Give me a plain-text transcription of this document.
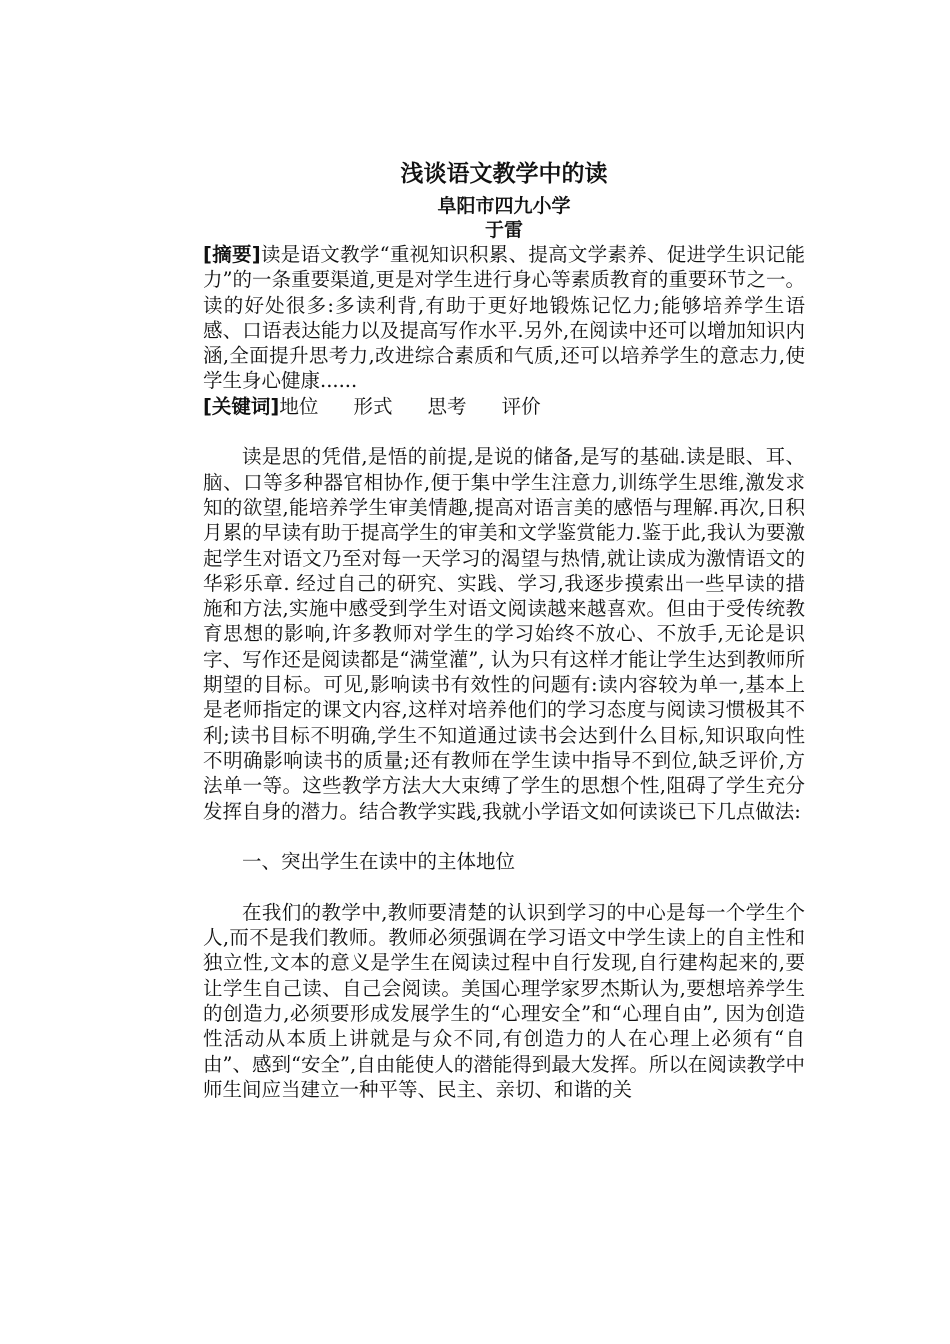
浅谈语文教学中的读

阜阳市四九小学

于雷

[摘要]读是语文教学“重视知识积累、提高文学素养、促进学生识记能力”的一条重要渠道,更是对学生进行身心等素质教育的重要环节之一。读的好处很多:多读利背,有助于更好地锻炼记忆力;能够培养学生语感、口语表达能力以及提高写作水平.另外,在阅读中还可以增加知识内涵,全面提升思考力,改进综合素质和气质,还可以培养学生的意志力,使学生身心健康......

[关键词]地位 形式 思考 评价

读是思的凭借,是悟的前提,是说的储备,是写的基础.读是眼、耳、脑、口等多种器官相协作,便于集中学生注意力,训练学生思维,激发求知的欲望,能培养学生审美情趣,提高对语言美的感悟与理解.再次,日积月累的早读有助于提高学生的审美和文学鉴赏能力.鉴于此,我认为要激起学生对语文乃至对每一天学习的渴望与热情,就让读成为激情语文的华彩乐章. 经过自己的研究、实践、学习,我逐步摸索出一些早读的措施和方法,实施中感受到学生对语文阅读越来越喜欢。但由于受传统教育思想的影响,许多教师对学生的学习始终不放心、不放手,无论是识字、写作还是阅读都是“满堂灌”, 认为只有这样才能让学生达到教师所期望的目标。可见,影响读书有效性的问题有:读内容较为单一,基本上是老师指定的课文内容,这样对培养他们的学习态度与阅读习惯极其不利;读书目标不明确,学生不知道通过读书会达到什么目标,知识取向性不明确影响读书的质量;还有教师在学生读中指导不到位,缺乏评价,方法单一等。这些教学方法大大束缚了学生的思想个性,阻碍了学生充分发挥自身的潜力。结合教学实践,我就小学语文如何读谈已下几点做法:

一、突出学生在读中的主体地位

在我们的教学中,教师要清楚的认识到学习的中心是每一个学生个人,而不是我们教师。教师必须强调在学习语文中学生读上的自主性和独立性,文本的意义是学生在阅读过程中自行发现,自行建构起来的,要让学生自己读、自己会阅读。美国心理学家罗杰斯认为,要想培养学生的创造力,必须要形成发展学生的“心理安全”和“心理自由”, 因为创造性活动从本质上讲就是与众不同,有创造力的人在心理上必须有“自由”、感到“安全”,自由能使人的潜能得到最大发挥。所以在阅读教学中师生间应当建立一种平等、民主、亲切、和谐的关
